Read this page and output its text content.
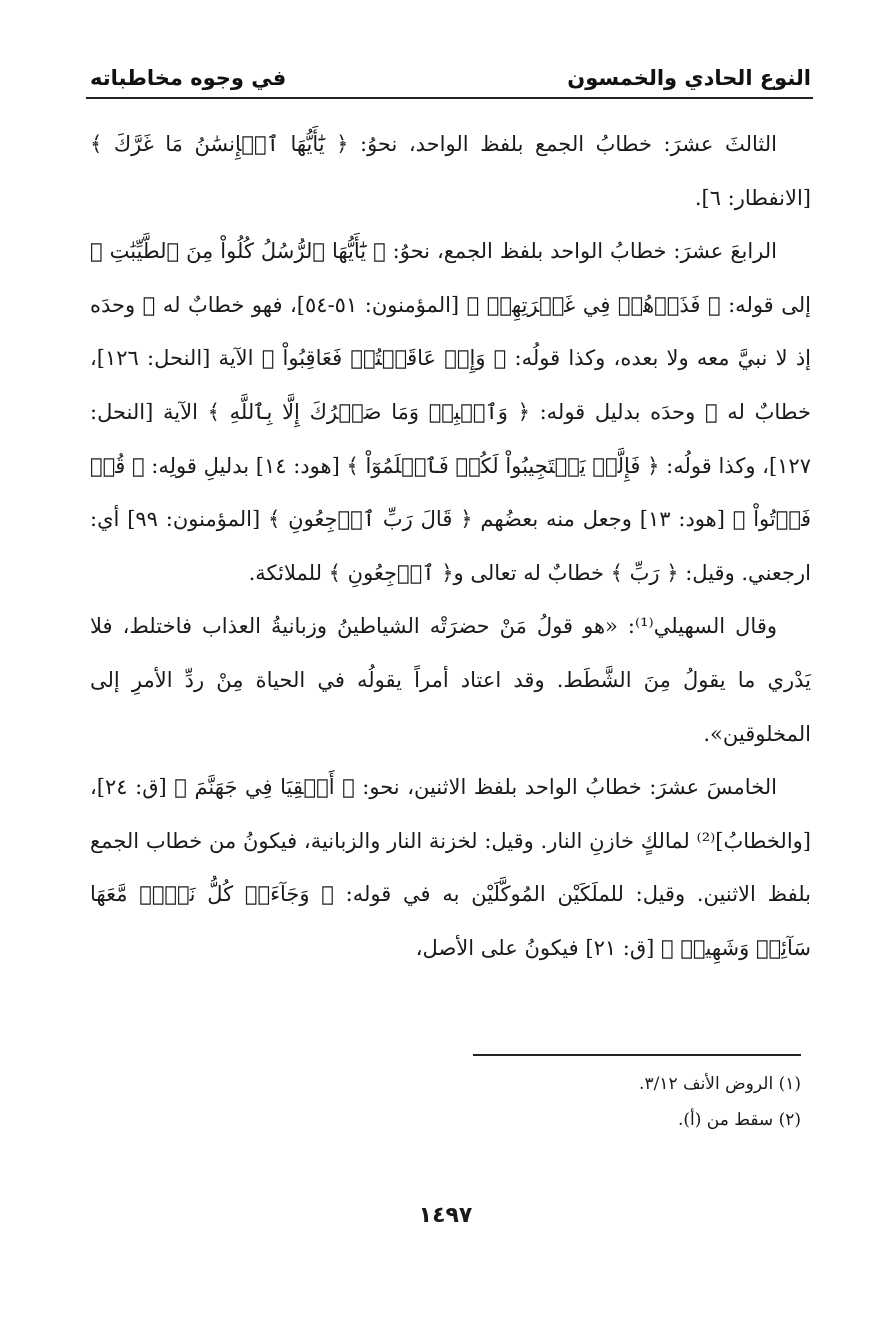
النوع الحادي والخمسون
في وجوه مخاطباته

الثالثَ عشرَ: خطابُ الجمع بلفظ الواحد، نحوُ: ﴿ يَٰٓأَيُّهَا ٱلۡإِنسَٰنُ مَا غَرَّكَ ﴾ [الانفطار: ٦].

الرابعَ عشرَ: خطابُ الواحد بلفظ الجمع، نحوُ: ﴿ يَٰٓأَيُّهَا ٱلرُّسُلُ كُلُواْ مِنَ ٱلطَّيِّبَٰتِ ﴾ إلى قوله: ﴿ فَذَرۡهُمۡ فِي غَمۡرَتِهِمۡ ﴾ [المؤمنون: ٥١-٥٤]، فهو خطابٌ له ﷺ وحدَه إذ لا نبيَّ معه ولا بعده، وكذا قولُه: ﴿ وَإِنۡ عَاقَبۡتُمۡ فَعَاقِبُواْ ﴾ الآية [النحل: ١٢٦]، خطابٌ له ﷺ وحدَه بدليل قوله: ﴿ وَٱصۡبِرۡ وَمَا صَبۡرُكَ إِلَّا بِٱللَّهِ ﴾ الآية [النحل: ١٢٧]، وكذا قولُه: ﴿ فَإِلَّمۡ يَسۡتَجِيبُواْ لَكُمۡ فَٱعۡلَمُوٓاْ ﴾ [هود: ١٤] بدليلِ قولِه: ﴿ قُلۡ فَأۡتُواْ ﴾ [هود: ١٣] وجعل منه بعضُهم ﴿ قَالَ رَبِّ ٱرۡجِعُونِ ﴾ [المؤمنون: ٩٩] أي: ارجعني. وقيل: ﴿ رَبِّ ﴾ خطابٌ له تعالى و﴿ ٱرۡجِعُونِ ﴾ للملائكة.

وقال السهيلي⁽¹⁾: «هو قولُ مَنْ حضرَتْه الشياطينُ وزبانيةُ العذاب فاختلط، فلا يَدْري ما يقولُ مِنَ الشَّطَط. وقد اعتاد أمراً يقولُه في الحياة مِنْ ردِّ الأمرِ إلى المخلوقين».

الخامسَ عشرَ: خطابُ الواحد بلفظ الاثنين، نحو: ﴿ أَلۡقِيَا فِي جَهَنَّمَ ﴾ [ق: ٢٤]، [والخطابُ]⁽²⁾ لمالكٍ خازنِ النار. وقيل: لخزنة النار والزبانية، فيكونُ من خطاب الجمع بلفظ الاثنين. وقيل: للملَكَيْن المُوكَّلَيْن به في قوله: ﴿ وَجَآءَتۡ كُلُّ نَفۡسٖ مَّعَهَا سَآئِقٞ وَشَهِيدٞ ﴾ [ق: ٢١] فيكونُ على الأصل،

(١) الروض الأنف ٣/١٢.
(٢) سقط من (أ).
١٤٩٧
